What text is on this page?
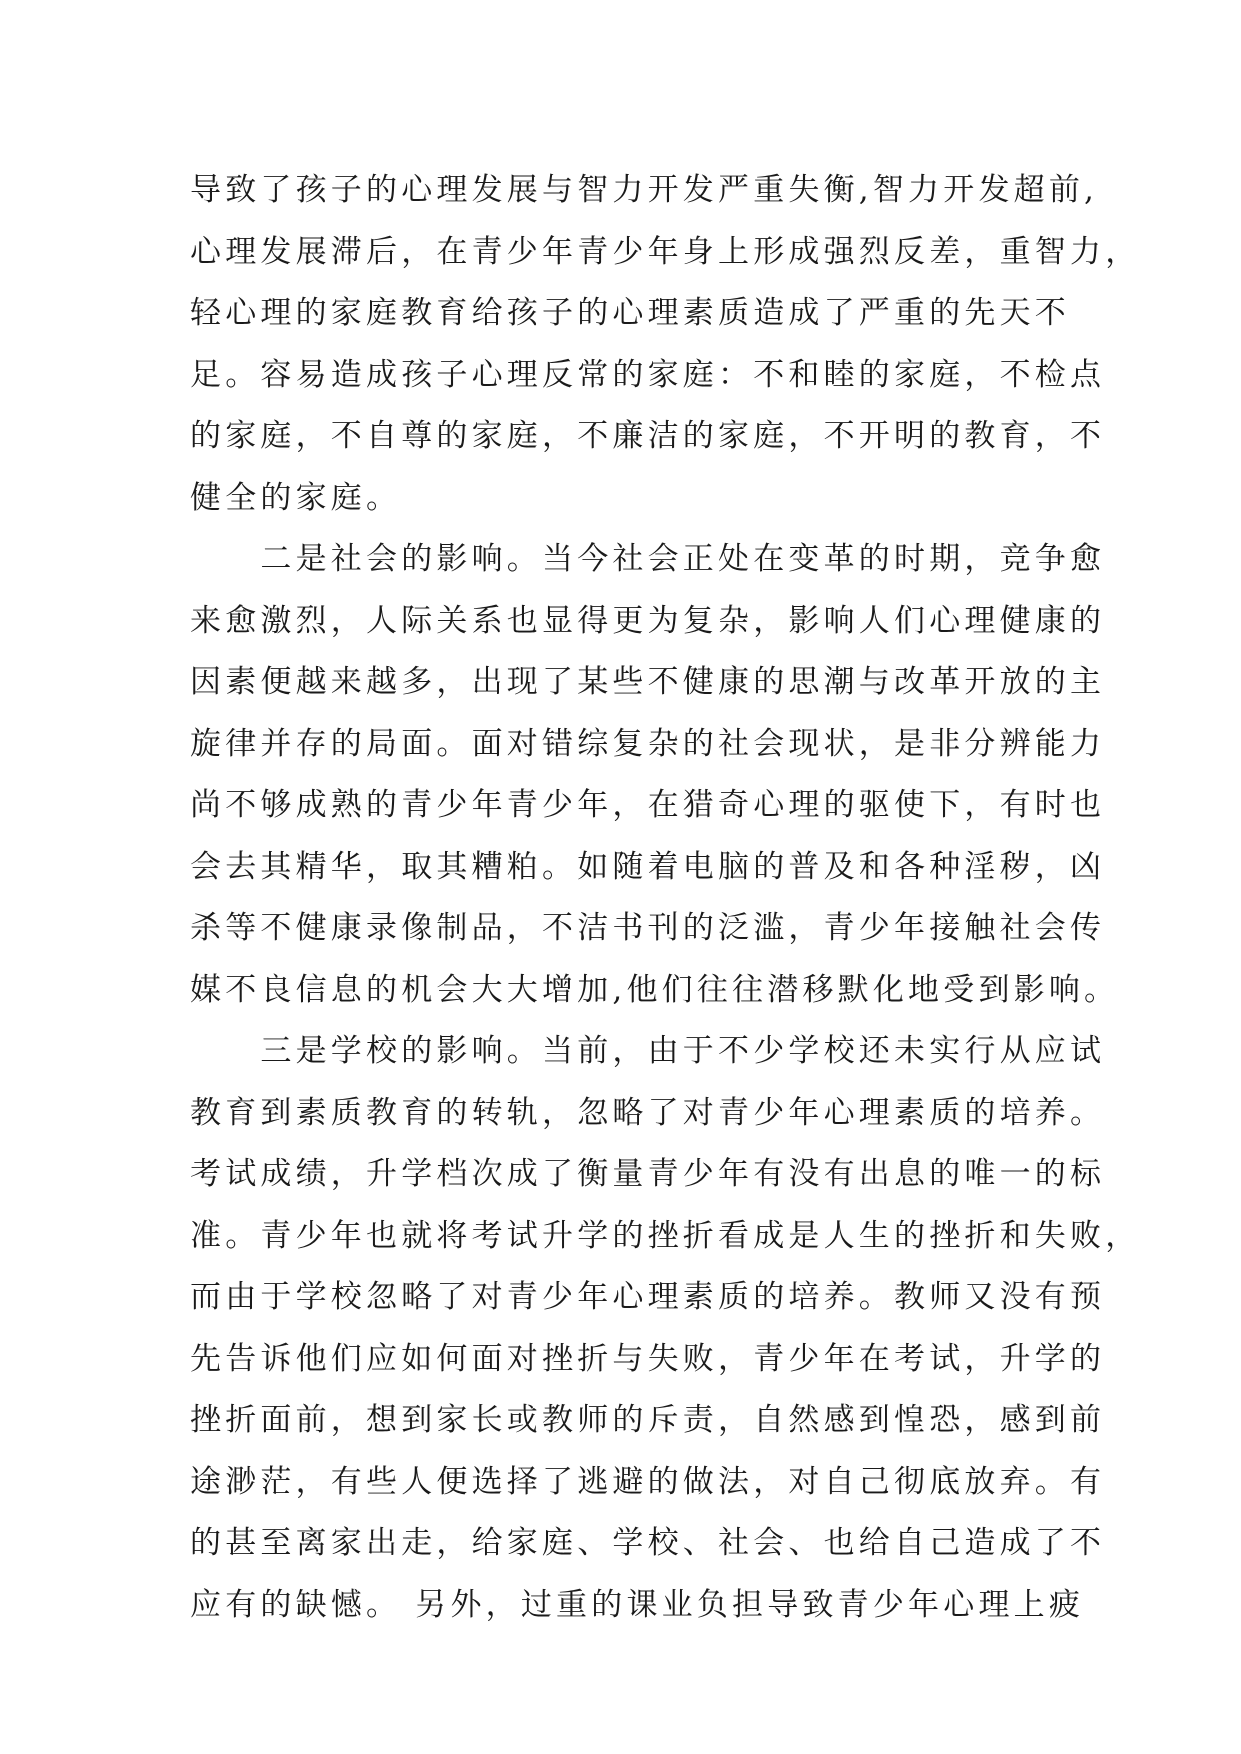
导致了孩子的心理发展与智力开发严重失衡,智力开发超前,
心理发展滞后，在青少年青少年身上形成强烈反差，重智力，
轻心理的家庭教育给孩子的心理素质造成了严重的先天不
足。容易造成孩子心理反常的家庭：不和睦的家庭，不检点
的家庭，不自尊的家庭，不廉洁的家庭，不开明的教育，不
健全的家庭。
　　二是社会的影响。当今社会正处在变革的时期，竞争愈
来愈激烈，人际关系也显得更为复杂，影响人们心理健康的
因素便越来越多，出现了某些不健康的思潮与改革开放的主
旋律并存的局面。面对错综复杂的社会现状，是非分辨能力
尚不够成熟的青少年青少年，在猎奇心理的驱使下，有时也
会去其精华，取其糟粕。如随着电脑的普及和各种淫秽，凶
杀等不健康录像制品，不洁书刊的泛滥，青少年接触社会传
媒不良信息的机会大大增加,他们往往潜移默化地受到影响。
　　三是学校的影响。当前，由于不少学校还未实行从应试
教育到素质教育的转轨，忽略了对青少年心理素质的培养。
考试成绩，升学档次成了衡量青少年有没有出息的唯一的标
准。青少年也就将考试升学的挫折看成是人生的挫折和失败，
而由于学校忽略了对青少年心理素质的培养。教师又没有预
先告诉他们应如何面对挫折与失败，青少年在考试，升学的
挫折面前，想到家长或教师的斥责，自然感到惶恐，感到前
途渺茫，有些人便选择了逃避的做法，对自己彻底放弃。有
的甚至离家出走，给家庭、学校、社会、也给自己造成了不
应有的缺憾。 另外，过重的课业负担导致青少年心理上疲
